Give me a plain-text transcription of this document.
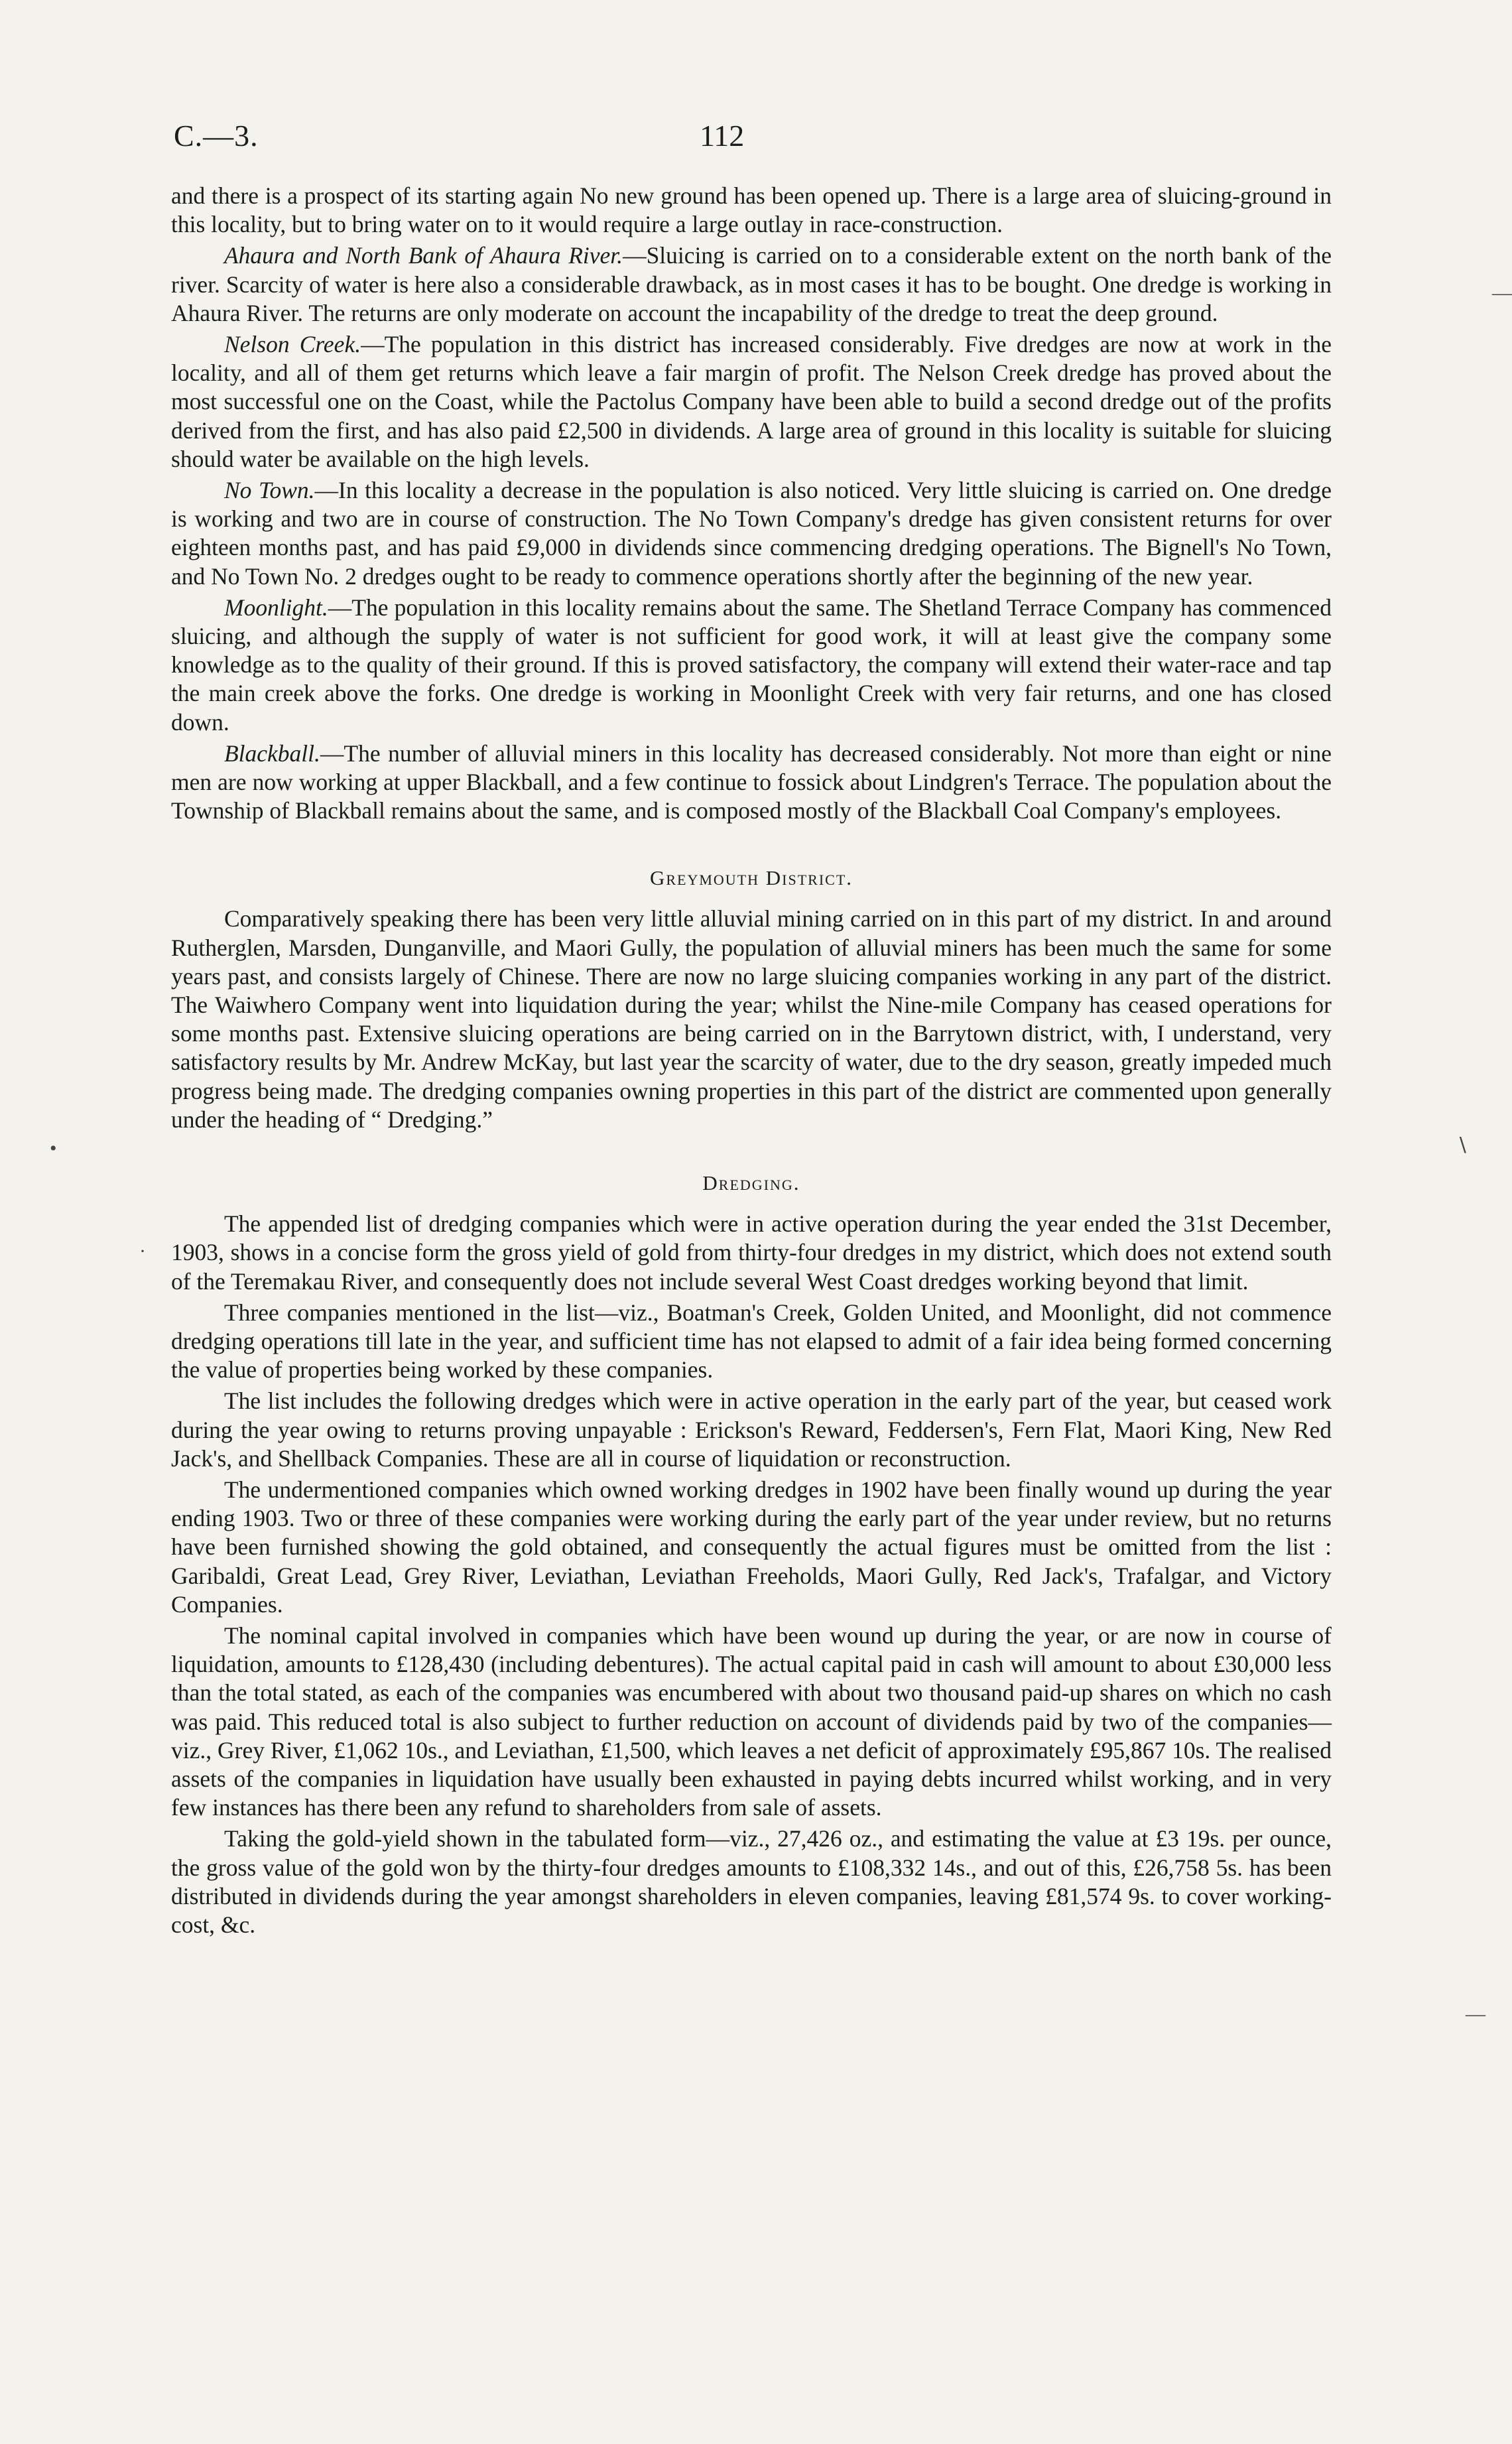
C.—3.	112

and there is a prospect of its starting again No new ground has been opened up. There is a large area of sluicing-ground in this locality, but to bring water on to it would require a large outlay in race-construction.

Ahaura and North Bank of Ahaura River.—Sluicing is carried on to a considerable extent on the north bank of the river. Scarcity of water is here also a considerable drawback, as in most cases it has to be bought. One dredge is working in Ahaura River. The returns are only moderate on account the incapability of the dredge to treat the deep ground.

Nelson Creek.—The population in this district has increased considerably. Five dredges are now at work in the locality, and all of them get returns which leave a fair margin of profit. The Nelson Creek dredge has proved about the most successful one on the Coast, while the Pactolus Company have been able to build a second dredge out of the profits derived from the first, and has also paid £2,500 in dividends. A large area of ground in this locality is suitable for sluicing should water be available on the high levels.

No Town.—In this locality a decrease in the population is also noticed. Very little sluicing is carried on. One dredge is working and two are in course of construction. The No Town Company's dredge has given consistent returns for over eighteen months past, and has paid £9,000 in dividends since commencing dredging operations. The Bignell's No Town, and No Town No. 2 dredges ought to be ready to commence operations shortly after the beginning of the new year.

Moonlight.—The population in this locality remains about the same. The Shetland Terrace Company has commenced sluicing, and although the supply of water is not sufficient for good work, it will at least give the company some knowledge as to the quality of their ground. If this is proved satisfactory, the company will extend their water-race and tap the main creek above the forks. One dredge is working in Moonlight Creek with very fair returns, and one has closed down.

Blackball.—The number of alluvial miners in this locality has decreased considerably. Not more than eight or nine men are now working at upper Blackball, and a few continue to fossick about Lindgren's Terrace. The population about the Township of Blackball remains about the same, and is composed mostly of the Blackball Coal Company's employees.

Greymouth District.

Comparatively speaking there has been very little alluvial mining carried on in this part of my district. In and around Rutherglen, Marsden, Dunganville, and Maori Gully, the population of alluvial miners has been much the same for some years past, and consists largely of Chinese. There are now no large sluicing companies working in any part of the district. The Waiwhero Company went into liquidation during the year; whilst the Nine-mile Company has ceased operations for some months past. Extensive sluicing operations are being carried on in the Barrytown district, with, I understand, very satisfactory results by Mr. Andrew McKay, but last year the scarcity of water, due to the dry season, greatly impeded much progress being made. The dredging companies owning properties in this part of the district are commented upon generally under the heading of “ Dredging.”

Dredging.

The appended list of dredging companies which were in active operation during the year ended the 31st December, 1903, shows in a concise form the gross yield of gold from thirty-four dredges in my district, which does not extend south of the Teremakau River, and consequently does not include several West Coast dredges working beyond that limit.

Three companies mentioned in the list—viz., Boatman's Creek, Golden United, and Moonlight, did not commence dredging operations till late in the year, and sufficient time has not elapsed to admit of a fair idea being formed concerning the value of properties being worked by these companies.

The list includes the following dredges which were in active operation in the early part of the year, but ceased work during the year owing to returns proving unpayable : Erickson's Reward, Feddersen's, Fern Flat, Maori King, New Red Jack's, and Shellback Companies. These are all in course of liquidation or reconstruction.

The undermentioned companies which owned working dredges in 1902 have been finally wound up during the year ending 1903. Two or three of these companies were working during the early part of the year under review, but no returns have been furnished showing the gold obtained, and consequently the actual figures must be omitted from the list : Garibaldi, Great Lead, Grey River, Leviathan, Leviathan Freeholds, Maori Gully, Red Jack's, Trafalgar, and Victory Companies.

The nominal capital involved in companies which have been wound up during the year, or are now in course of liquidation, amounts to £128,430 (including debentures). The actual capital paid in cash will amount to about £30,000 less than the total stated, as each of the companies was encumbered with about two thousand paid-up shares on which no cash was paid. This reduced total is also subject to further reduction on account of dividends paid by two of the companies—viz., Grey River, £1,062 10s., and Leviathan, £1,500, which leaves a net deficit of approximately £95,867 10s. The realised assets of the companies in liquidation have usually been exhausted in paying debts incurred whilst working, and in very few instances has there been any refund to shareholders from sale of assets.

Taking the gold-yield shown in the tabulated form—viz., 27,426 oz., and estimating the value at £3 19s. per ounce, the gross value of the gold won by the thirty-four dredges amounts to £108,332 14s., and out of this, £26,758 5s. has been distributed in dividends during the year amongst shareholders in eleven companies, leaving £81,574 9s. to cover working-cost, &c.

—
•	∖
·
—
